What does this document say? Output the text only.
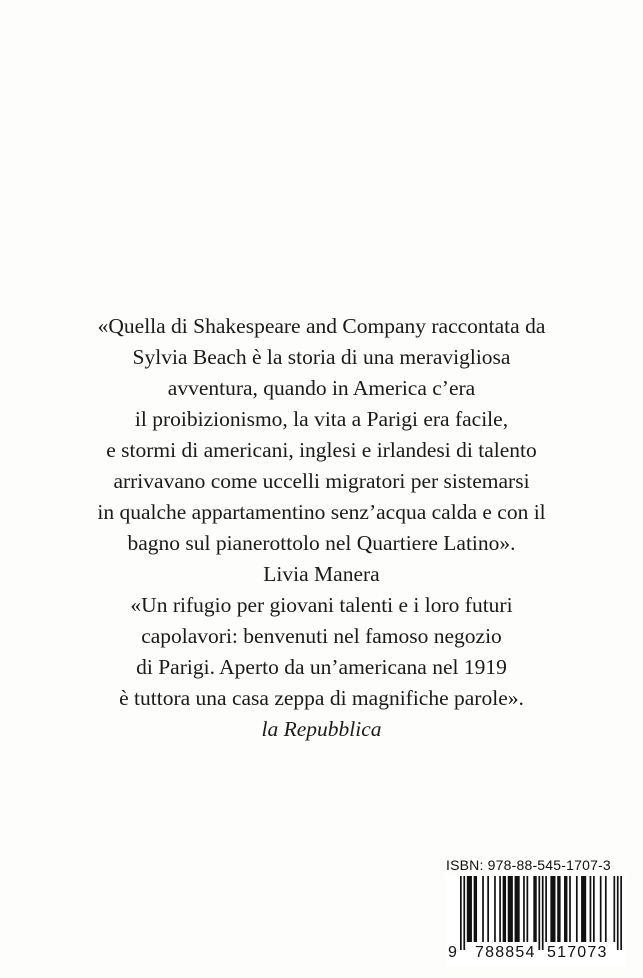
«Quella di Shakespeare and Company raccontata da
Sylvia Beach è la storia di una meravigliosa
avventura, quando in America c’era
il proibizionismo, la vita a Parigi era facile,
e stormi di americani, inglesi e irlandesi di talento
arrivavano come uccelli migratori per sistemarsi
in qualche appartamentino senz’acqua calda e con il
bagno sul pianerottolo nel Quartiere Latino».
Livia Manera
«Un rifugio per giovani talenti e i loro futuri
capolavori: benvenuti nel famoso negozio
di Parigi. Aperto da un’americana nel 1919
è tuttora una casa zeppa di magnifiche parole».
la Repubblica
ISBN: 978-88-545-1707-3
9 788854 517073
